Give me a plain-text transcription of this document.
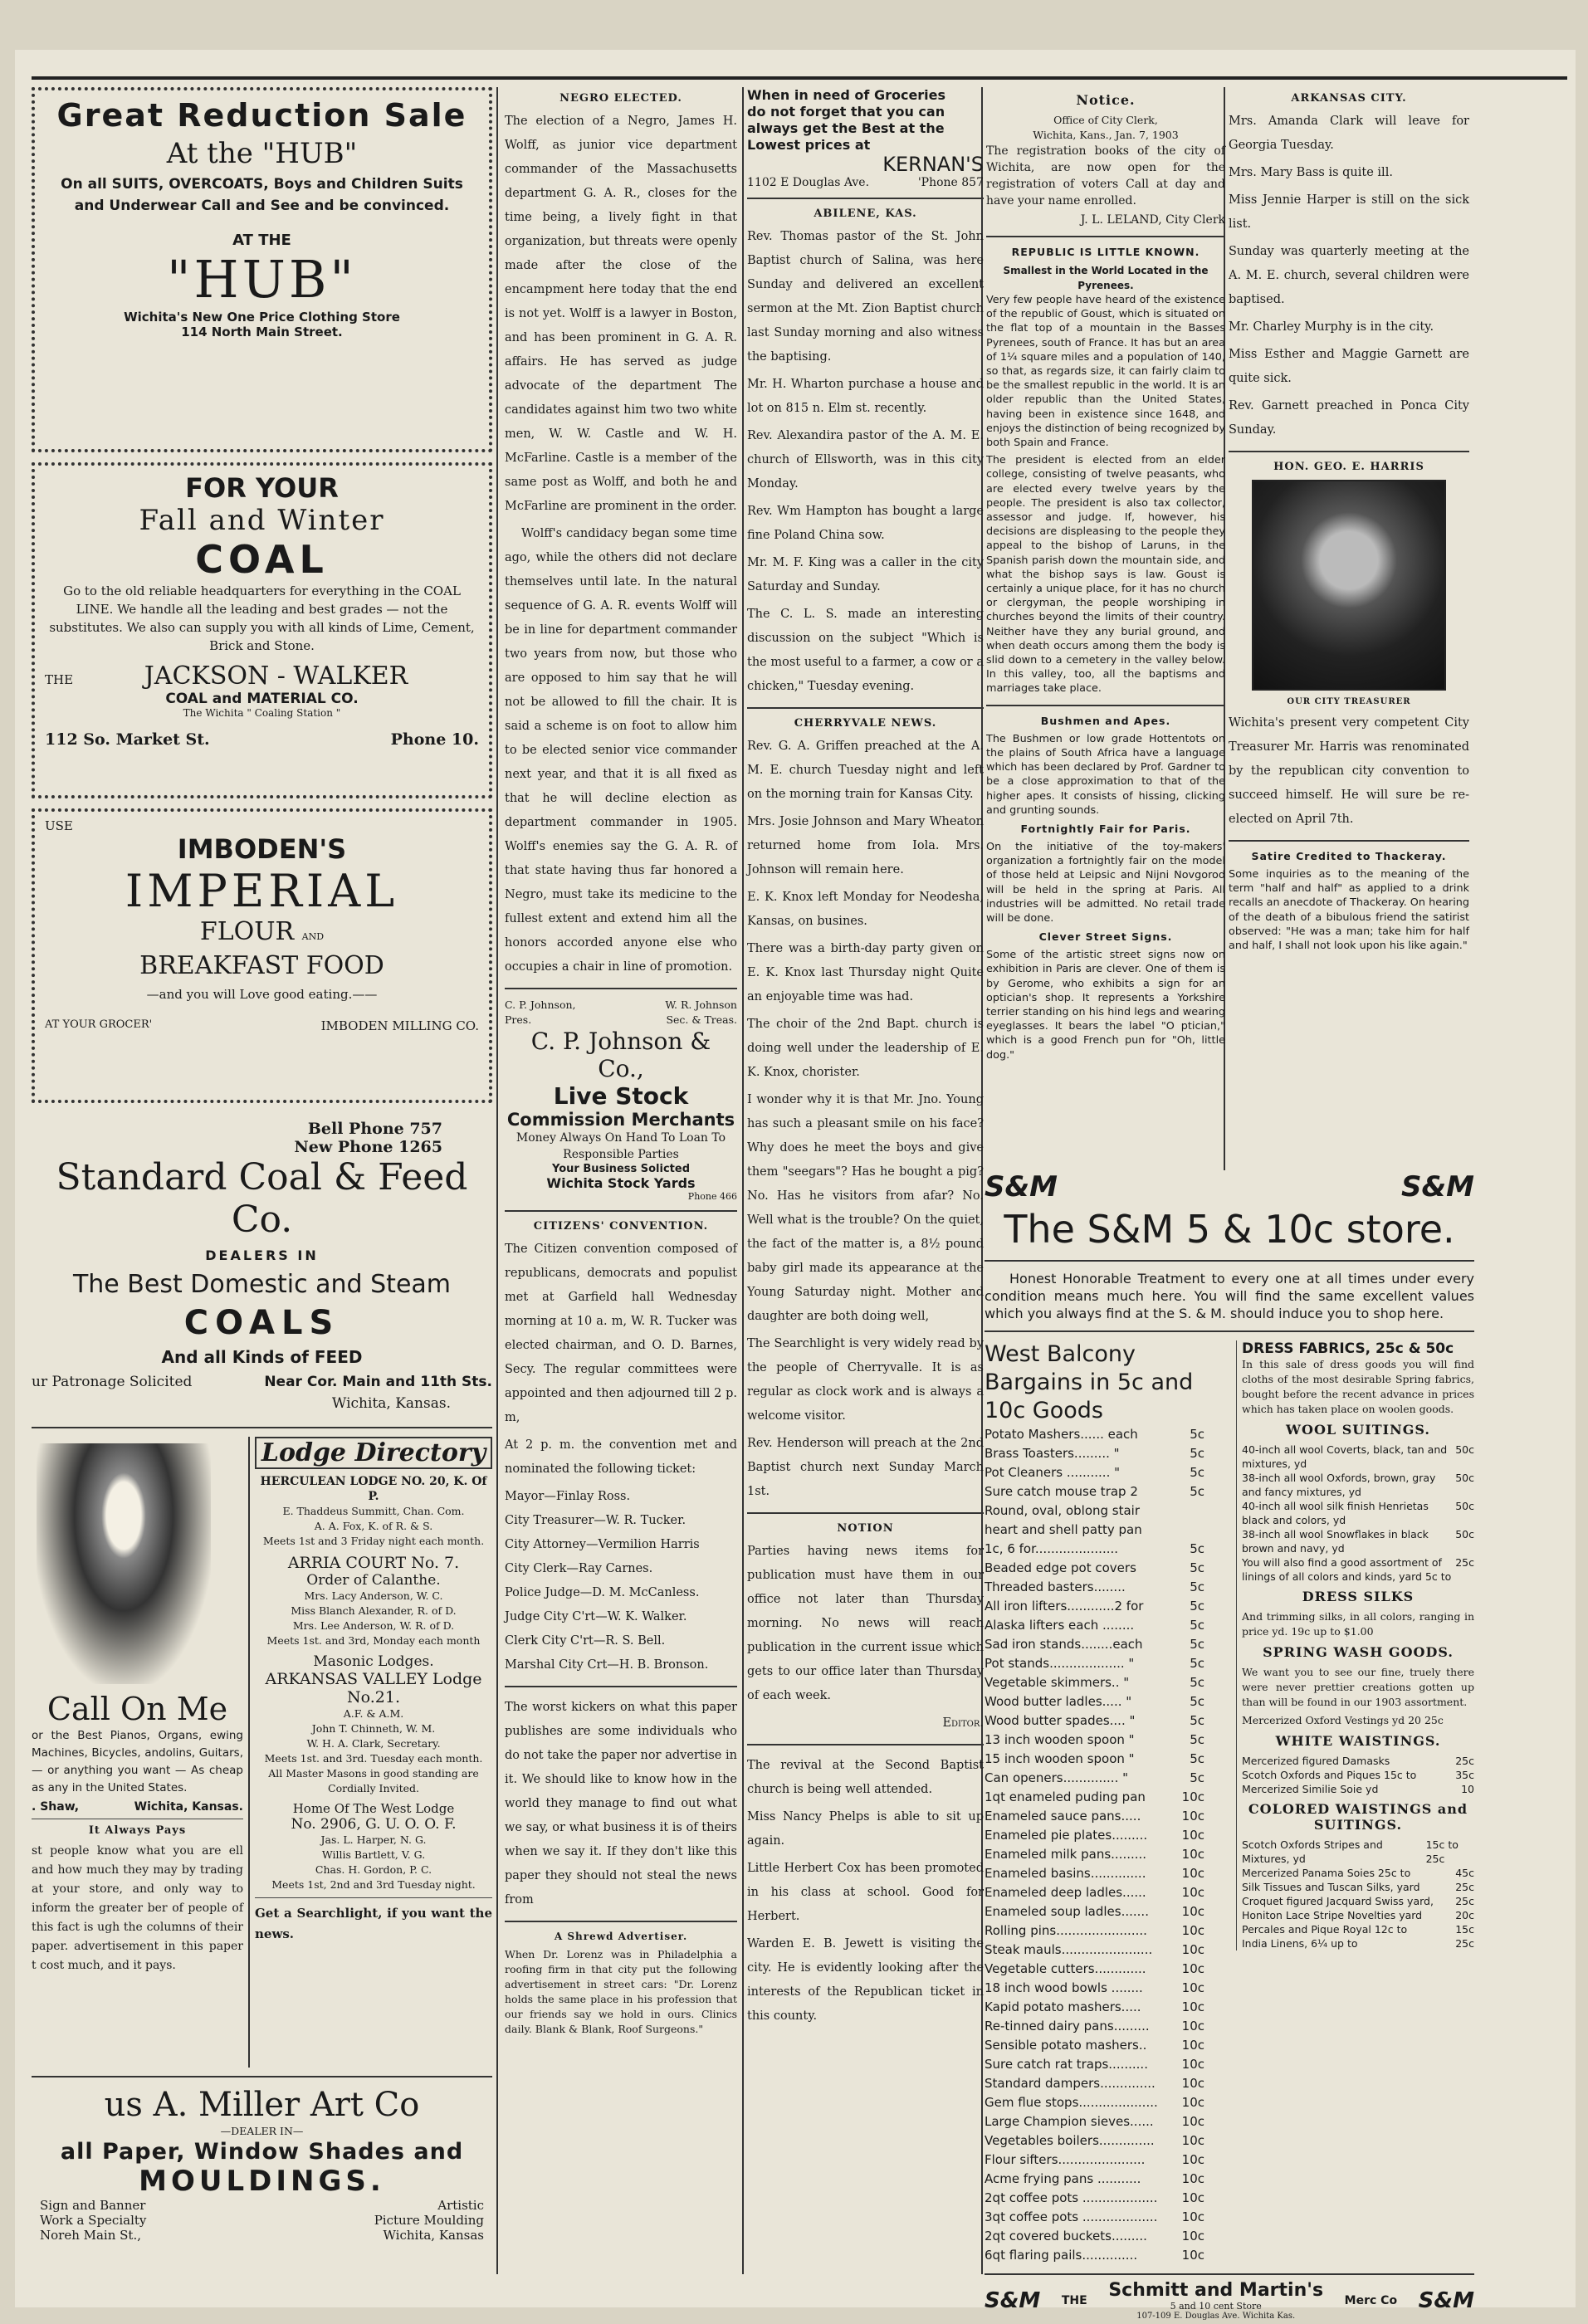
Great Reduction Sale
At the "HUB"

On all SUITS, OVERCOATS, Boys and Children Suits and Underwear Call and See and be convinced.

AT THE
"HUB"
Wichita's New One Price Clothing Store
114 North Main Street.
FOR YOUR
Fall and Winter
COAL

Go to the old reliable headquarters for everything in the COAL LINE. We handle all the leading and best grades — not the substitutes. We also can supply you with all kinds of Lime, Cement, Brick and Stone.

THE	JACKSON - WALKER
COAL and MATERIAL CO.
The Wichita " Coaling Station "
112 So. Market St.	Phone 10.
USE
IMBODEN'S
IMPERIAL
FLOUR AND
BREAKFAST FOOD
—and you will Love good eating.——
AT YOUR GROCER'	IMBODEN MILLING CO.
Bell Phone 757
New Phone 1265
Standard Coal & Feed Co.
DEALERS IN
The Best Domestic and Steam
COALS
And all Kinds of FEED
ur Patronage Solicited	Near Cor. Main and 11th Sts.
Wichita, Kansas.
Call On Me

or the Best Pianos, Organs, ewing Machines, Bicycles, andolins, Guitars, — or anything you want — As cheap as any in the United States.

. Shaw,	Wichita, Kansas.
It Always Pays

st people know what you are ell and how much they may by trading at your store, and only way to inform the greater ber of people of this fact is ugh the columns of their paper. advertisement in this paper t cost much, and it pays.

Lodge Directory
HERCULEAN LODGE NO. 20, K. Of P.
E. Thaddeus Summitt, Chan. Com.
A. A. Fox, K. of R. & S.
Meets 1st and 3 Friday night each month.
ARRIA COURT No. 7.
Order of Calanthe.
Mrs. Lacy Anderson, W. C.
Miss Blanch Alexander, R. of D.
Mrs. Lee Anderson, W. R. of D.
Meets 1st. and 3rd, Monday each month
Masonic Lodges.
ARKANSAS VALLEY Lodge No.21.
A.F. & A.M.
John T. Chinneth, W. M.
W. H. A. Clark, Secretary.
Meets 1st. and 3rd. Tuesday each month.
All Master Masons in good standing are Cordially Invited.
Home Of The West Lodge
No. 2906, G. U. O. O. F.
Jas. L. Harper, N. G.
Willis Bartlett, V. G.
Chas. H. Gordon, P. C.
Meets 1st, 2nd and 3rd Tuesday night.

Get a Searchlight, if you want the news.

us A. Miller Art Co
—DEALER IN—
all Paper, Window Shades and
MOULDINGS.
Sign and Banner	Artistic
Work a Specialty	Picture Moulding
Noreh Main St.,	Wichita, Kansas
NEGRO ELECTED.

The election of a Negro, James H. Wolff, as junior vice department commander of the Massachusetts department G. A. R., closes for the time being, a lively fight in that organization, but threats were openly made after the close of the encampment here today that the end is not yet. Wolff is a lawyer in Boston, and has been prominent in G. A. R. affairs. He has served as judge advocate of the department The candidates against him two two white men, W. W. Castle and W. H. McFarline. Castle is a member of the same post as Wolff, and both he and McFarline are prominent in the order.

Wolff's candidacy began some time ago, while the others did not declare themselves until late. In the natural sequence of G. A. R. events Wolff will be in line for department commander two years from now, but those who are opposed to him say that he will not be allowed to fill the chair. It is said a scheme is on foot to allow him to be elected senior vice commander next year, and that it is all fixed as that he will decline election as department commander in 1905. Wolff's enemies say the G. A. R. of that state having thus far honored a Negro, must take its medicine to the fullest extent and extend him all the honors accorded anyone else who occupies a chair in line of promotion.

C. P. Johnson,	W. R. Johnson
Pres.	Sec. & Treas.
C. P. Johnson & Co.,
Live Stock
Commission Merchants
Money Always On Hand To Loan To Responsible Parties
Your Business Solicted
Wichita Stock Yards
Phone 466
CITIZENS' CONVENTION.

The Citizen convention composed of republicans, democrats and populist met at Garfield hall Wednesday morning at 10 a. m, W. R. Tucker was elected chairman, and O. D. Barnes, Secy. The regular committees were appointed and then adjourned till 2 p. m,

At 2 p. m. the convention met and nominated the following ticket:

Mayor—Finlay Ross.
City Treasurer—W. R. Tucker.
City Attorney—Vermilion Harris
City Clerk—Ray Carnes.
Police Judge—D. M. McCanless.
Judge City C'rt—W. K. Walker.
Clerk City C'rt—R. S. Bell.
Marshal City Crt—H. B. Bronson.

The worst kickers on what this paper publishes are some individuals who do not take the paper nor advertise in it. We should like to know how in the world they manage to find out what we say, or what business it is of theirs when we say it. If they don't like this paper they should not steal the news from

A Shrewd Advertiser.

When Dr. Lorenz was in Philadelphia a roofing firm in that city put the following advertisement in street cars: "Dr. Lorenz holds the same place in his profession that our friends say we hold in ours. Clinics daily. Blank & Blank, Roof Surgeons."

When in need of Groceries
do not forget that you can
always get the Best at the
Lowest prices at
KERNAN'S
1102 E Douglas Ave.	'Phone 857
ABILENE, KAS.

Rev. Thomas pastor of the St. John Baptist church of Salina, was here Sunday and delivered an excellent sermon at the Mt. Zion Baptist church last Sunday morning and also witness the baptising.

Mr. H. Wharton purchase a house and lot on 815 n. Elm st. recently.

Rev. Alexandira pastor of the A. M. E. church of Ellsworth, was in this city Monday.

Rev. Wm Hampton has bought a large fine Poland China sow.

Mr. M. F. King was a caller in the city Saturday and Sunday.

The C. L. S. made an interesting discussion on the subject "Which is the most useful to a farmer, a cow or a chicken," Tuesday evening.

CHERRYVALE NEWS.

Rev. G. A. Griffen preached at the A. M. E. church Tuesday night and left on the morning train for Kansas City.

Mrs. Josie Johnson and Mary Wheaton returned home from Iola. Mrs. Johnson will remain here.

E. K. Knox left Monday for Neodesha, Kansas, on busines.

There was a birth-day party given on E. K. Knox last Thursday night Quite an enjoyable time was had.

The choir of the 2nd Bapt. church is doing well under the leadership of E. K. Knox, chorister.

I wonder why it is that Mr. Jno. Young has such a pleasant smile on his face? Why does he meet the boys and give them "seegars"? Has he bought a pig? No. Has he visitors from afar? No. Well what is the trouble? On the quiet, the fact of the matter is, a 8½ pound baby girl made its appearance at the Young Saturday night. Mother and daughter are both doing well,

The Searchlight is very widely read by the people of Cherryvalle. It is as regular as clock work and is always a welcome visitor.

Rev. Henderson will preach at the 2nd Baptist church next Sunday March 1st.

NOTION

Parties having news items for publication must have them in our office not later than Thursday morning. No news will reach publication in the current issue which gets to our office later than Thursday of each week.

Editor.

The revival at the Second Baptist church is being well attended.

Miss Nancy Phelps is able to sit up again.

Little Herbert Cox has been promoted in his class at school. Good for Herbert.

Warden E. B. Jewett is visiting the city. He is evidently looking after the interests of the Republican ticket in this county.

Notice.
Office of City Clerk,
Wichita, Kans., Jan. 7, 1903

The registration books of the city of Wichita, are now open for the registration of voters Call at day and have your name enrolled.

J. L. LELAND, City Clerk
REPUBLIC IS LITTLE KNOWN.
Smallest in the World Located in the Pyrenees.

Very few people have heard of the existence of the republic of Goust, which is situated on the flat top of a mountain in the Basses Pyrenees, south of France. It has but an area of 1¼ square miles and a population of 140, so that, as regards size, it can fairly claim to be the smallest republic in the world. It is an older republic than the United States, having been in existence since 1648, and enjoys the distinction of being recognized by both Spain and France.

The president is elected from an elder college, consisting of twelve peasants, who are elected every twelve years by the people. The president is also tax collector, assessor and judge. If, however, his decisions are displeasing to the people they appeal to the bishop of Laruns, in the Spanish parish down the mountain side, and what the bishop says is law. Goust is certainly a unique place, for it has no church or clergyman, the people worshiping in churches beyond the limits of their country. Neither have they any burial ground, and when death occurs among them the body is slid down to a cemetery in the valley below. In this valley, too, all the baptisms and marriages take place.

Bushmen and Apes.

The Bushmen or low grade Hottentots on the plains of South Africa have a language which has been declared by Prof. Gardner to be a close approximation to that of the higher apes. It consists of hissing, clicking and grunting sounds.

Fortnightly Fair for Paris.

On the initiative of the toy-makers' organization a fortnightly fair on the model of those held at Leipsic and Nijni Novgorod will be held in the spring at Paris. All industries will be admitted. No retail trade will be done.

Clever Street Signs.

Some of the artistic street signs now on exhibition in Paris are clever. One of them is by Gerome, who exhibits a sign for an optician's shop. It represents a Yorkshire terrier standing on his hind legs and wearing eyeglasses. It bears the label "O ptician," which is a good French pun for "Oh, little dog."

ARKANSAS CITY.

Mrs. Amanda Clark will leave for Georgia Tuesday.

Mrs. Mary Bass is quite ill.

Miss Jennie Harper is still on the sick list.

Sunday was quarterly meeting at the A. M. E. church, several children were baptised.

Mr. Charley Murphy is in the city.

Miss Esther and Maggie Garnett are quite sick.

Rev. Garnett preached in Ponca City Sunday.

HON. GEO. E. HARRIS
OUR CITY TREASURER

Wichita's present very competent City Treasurer Mr. Harris was renominated by the republican city convention to succeed himself. He will sure be re-elected on April 7th.

Satire Credited to Thackeray.

Some inquiries as to the meaning of the term "half and half" as applied to a drink recalls an anecdote of Thackeray. On hearing of the death of a bibulous friend the satirist observed: "He was a man; take him for half and half, I shall not look upon his like again."

S&M	S&M
The S&M 5 & 10c store.

Honest Honorable Treatment to every one at all times under every condition means much here. You will find the same excellent values which you always find at the S. & M. should induce you to shop here.

West Balcony Bargains in 5c and 10c Goods
Potato Mashers...... each	5c
Brass Toasters......... "	5c
Pot Cleaners ........... "	5c
Sure catch mouse trap 2	5c
Round, oval, oblong stair
heart and shell patty pan
1c, 6 for.....................	5c
Beaded edge pot covers	5c
Threaded basters........	5c
All iron lifters............2 for	5c
Alaska lifters each ........	5c
Sad iron stands........each	5c
Pot stands................... "	5c
Vegetable skimmers.. "	5c
Wood butter ladles..... "	5c
Wood butter spades.... "	5c
13 inch wooden spoon "	5c
15 inch wooden spoon "	5c
Can openers.............. "	5c
1qt enameled puding pan	10c
Enameled sauce pans.....	10c
Enameled pie plates.........	10c
Enameled milk pans.........	10c
Enameled basins..............	10c
Enameled deep ladles......	10c
Enameled soup ladles.......	10c
Rolling pins.......................	10c
Steak mauls....................... 10c
Vegetable cutters.............	10c
18 inch wood bowls ........	10c
Kapid potato mashers.....	10c
Re-tinned dairy pans.........	10c
Sensible potato mashers..	10c
Sure catch rat traps..........	10c
Standard dampers.............. 10c
Gem flue stops.................... 10c
Large Champion sieves...... 10c
Vegetables boilers.............. 10c
Flour sifters......................	10c
Acme frying pans ...........	10c
2qt coffee pots ................... 10c
3qt coffee pots ................... 10c
2qt covered buckets.........	10c
6qt flaring pails..............	10c
DRESS FABRICS, 25c & 50c

In this sale of dress goods you will find cloths of the most desirable Spring fabrics, bought before the recent advance in prices which has taken place on woolen goods.

WOOL SUITINGS.
40-inch all wool Coverts, black, tan and mixtures, yd
50c
38-inch all wool Oxfords, brown, gray and fancy mixtures, yd
50c
40-inch all wool silk finish Henrietas black and colors, yd
50c
38-inch all wool Snowflakes in black brown and navy, yd
50c
You will also find a good assortment of linings of all colors and kinds, yard 5c to
25c
DRESS SILKS

And trimming silks, in all colors, ranging in price yd. 19c up to $1.00

SPRING WASH GOODS.

We want you to see our fine, truely there were never prettier creations gotten up than will be found in our 1903 assortment.

Mercerized Oxford Vestings yd 20 25c
WHITE WAISTINGS.
Mercerized figured Damasks	25c
Scotch Oxfords and Piques 15c to	35c
Mercerized Similie Soie yd	10
COLORED WAISTINGS and SUITINGS.
Scotch Oxfords Stripes and Mixtures, yd
15c to 25c
Mercerized Panama Soies 25c to	45c
Silk Tissues and Tuscan Silks, yard	25c
Croquet figured Jacquard Swiss yard, 25c
Honiton Lace Stripe Novelties yard	20c
Percales and Pique Royal 12c to	15c
India Linens, 6¼ up to	25c
S&M THE Schmitt and Martin's
5 and 10 cent Store
107-109 E. Douglas Ave. Wichita Kas.
Merc Co S&M
